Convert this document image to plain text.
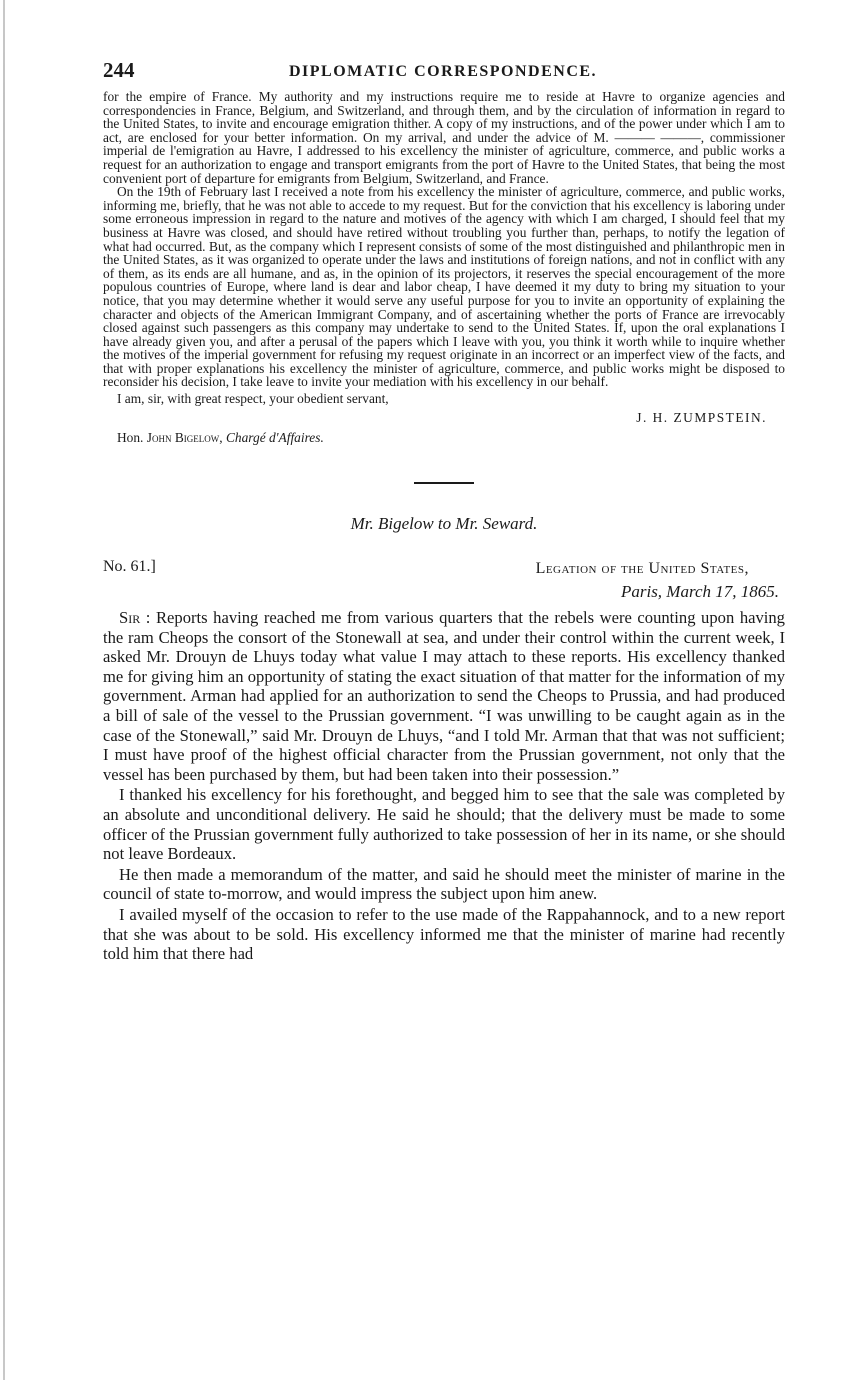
244	DIPLOMATIC CORRESPONDENCE.

for the empire of France. My authority and my instructions require me to reside at Havre to organize agencies and correspondencies in France, Belgium, and Switzerland, and through them, and by the circulation of information in regard to the United States, to invite and encourage emigration thither. A copy of my instructions, and of the power under which I am to act, are enclosed for your better information. On my arrival, and under the advice of M. ——— ———, commissioner imperial de l'emigration au Havre, I addressed to his excellency the minister of agriculture, commerce, and public works a request for an authorization to engage and transport emigrants from the port of Havre to the United States, that being the most convenient port of departure for emigrants from Belgium, Switzerland, and France.

On the 19th of February last I received a note from his excellency the minister of agriculture, commerce, and public works, informing me, briefly, that he was not able to accede to my request. But for the conviction that his excellency is laboring under some erroneous impression in regard to the nature and motives of the agency with which I am charged, I should feel that my business at Havre was closed, and should have retired without troubling you further than, perhaps, to notify the legation of what had occurred. But, as the company which I represent consists of some of the most distinguished and philanthropic men in the United States, as it was organized to operate under the laws and institutions of foreign nations, and not in conflict with any of them, as its ends are all humane, and as, in the opinion of its projectors, it reserves the special encouragement of the more populous countries of Europe, where land is dear and labor cheap, I have deemed it my duty to bring my situation to your notice, that you may determine whether it would serve any useful purpose for you to invite an opportunity of explaining the character and objects of the American Immigrant Company, and of ascertaining whether the ports of France are irrevocably closed against such passengers as this company may undertake to send to the United States. If, upon the oral explanations I have already given you, and after a perusal of the papers which I leave with you, you think it worth while to inquire whether the motives of the imperial government for refusing my request originate in an incorrect or an imperfect view of the facts, and that with proper explanations his excellency the minister of agriculture, commerce, and public works might be disposed to reconsider his decision, I take leave to invite your mediation with his excellency in our behalf.

I am, sir, with great respect, your obedient servant,
J. H. ZUMPSTEIN.
Hon. John Bigelow, Chargé d'Affaires.
Mr. Bigelow to Mr. Seward.
No. 61.]	Legation of the United States,
Paris, March 17, 1865.

Sir : Reports having reached me from various quarters that the rebels were counting upon having the ram Cheops the consort of the Stonewall at sea, and under their control within the current week, I asked Mr. Drouyn de Lhuys today what value I may attach to these reports. His excellency thanked me for giving him an opportunity of stating the exact situation of that matter for the information of my government. Arman had applied for an authorization to send the Cheops to Prussia, and had produced a bill of sale of the vessel to the Prussian government. “I was unwilling to be caught again as in the case of the Stonewall,” said Mr. Drouyn de Lhuys, “and I told Mr. Arman that that was not sufficient; I must have proof of the highest official character from the Prussian government, not only that the vessel has been purchased by them, but had been taken into their possession.”

I thanked his excellency for his forethought, and begged him to see that the sale was completed by an absolute and unconditional delivery. He said he should; that the delivery must be made to some officer of the Prussian government fully authorized to take possession of her in its name, or she should not leave Bordeaux.

He then made a memorandum of the matter, and said he should meet the minister of marine in the council of state to-morrow, and would impress the subject upon him anew.

I availed myself of the occasion to refer to the use made of the Rappahannock, and to a new report that she was about to be sold. His excellency informed me that the minister of marine had recently told him that there had
